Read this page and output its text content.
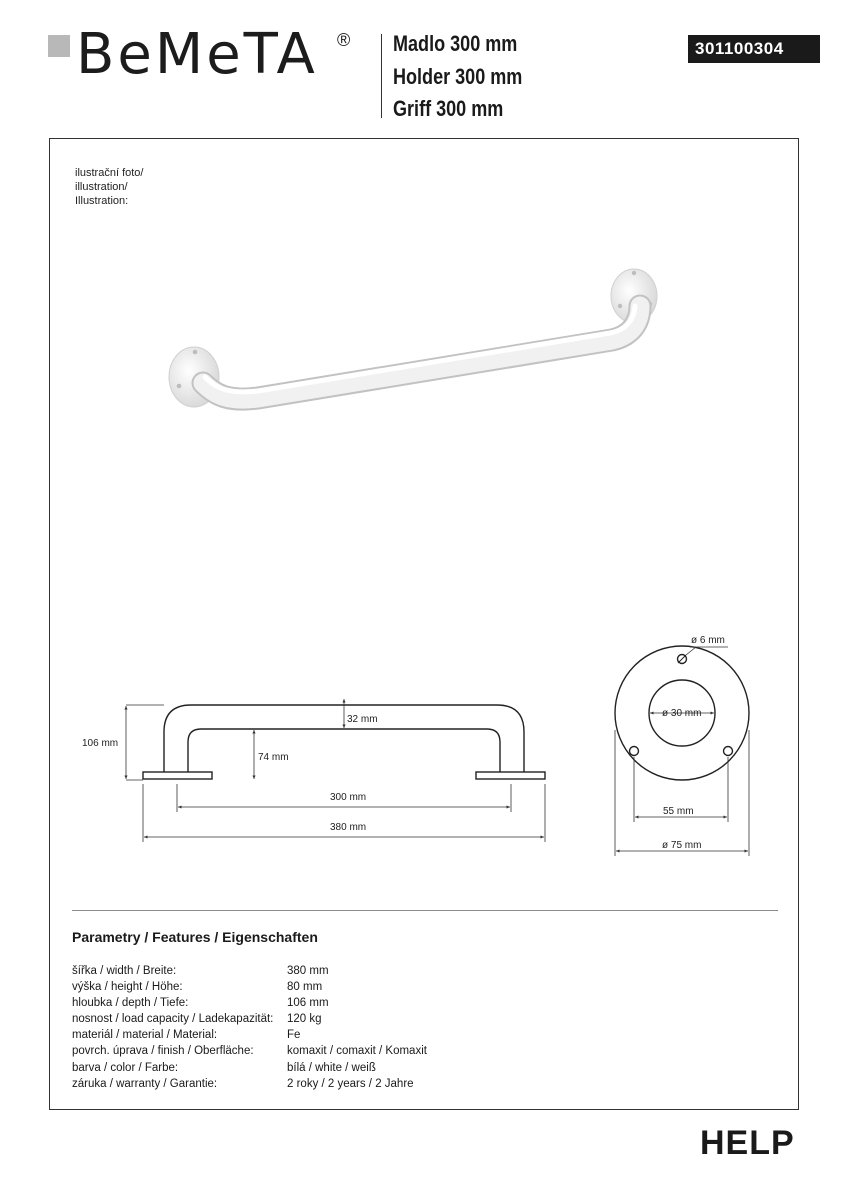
BeMeTA ® Madlo 300 mm
Holder 300 mm
Griff 300 mm
301100304
ilustrační foto/
illustration/
Illustration:
106 mm
32 mm
74 mm
300 mm
380 mm
ø 6 mm
ø 30 mm
55 mm
ø 75 mm
Parametry / Features / Eigenschaften
šířka / width / Breite:	380 mm
výška / height / Höhe:	80 mm
hloubka / depth / Tiefe:	106 mm
nosnost / load capacity / Ladekapazität:	120 kg
materiál / material / Material:	Fe
povrch. úprava / finish / Oberfläche:	komaxit / comaxit / Komaxit
barva / color / Farbe:	bílá / white / weiß
záruka / warranty / Garantie:	2 roky / 2 years / 2 Jahre
HELP
